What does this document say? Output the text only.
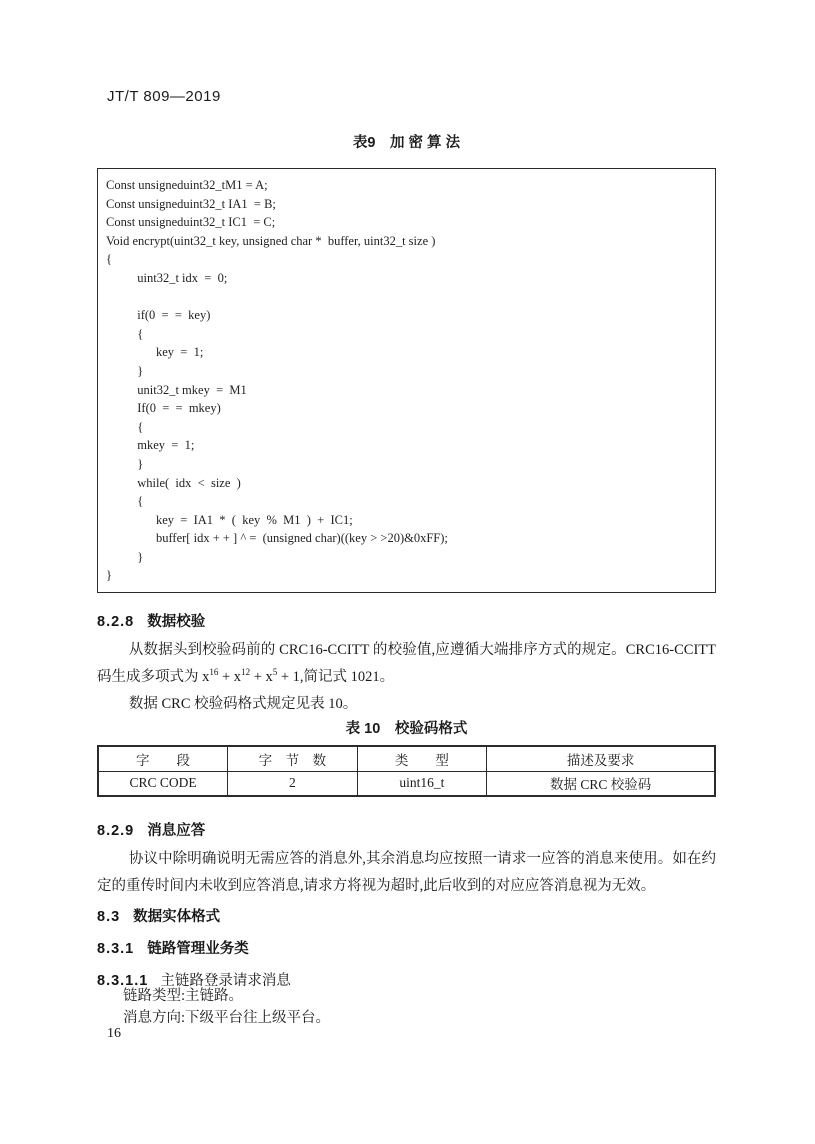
JT/T 809—2019
表9　加 密 算 法
Const unsigneduint32_tM1 = A;
Const unsigneduint32_t IA1  = B;
Const unsigneduint32_t IC1  = C;
Void encrypt(uint32_t key, unsigned char *  buffer, uint32_t size )
{
uint32_t idx  =  0;
if(0  =  =  key)
{
key  =  1;
}
unit32_t mkey  =  M1
If(0  =  =  mkey)
{
mkey  =  1;
}
while(  idx  <  size  )
{
key  =  IA1  *  (  key  %  M1  )  +  IC1;
buffer[ idx + + ] ^ =  (unsigned char)((key > >20)&0xFF);
}
}
8.2.8 数据校验

从数据头到校验码前的 CRC16-CCITT 的校验值,应遵循大端排序方式的规定。CRC16-CCITT 码生成多项式为 $x^{16} + x^{12} + x^5 + 1$,简记式 1021。

数据 CRC 校验码格式规定见表 10。

表 10　校验码格式
字　　段	字　节　数	类　　型	描述及要求
CRC CODE	2	uint16_t	数据 CRC 校验码
8.2.9 消息应答

协议中除明确说明无需应答的消息外,其余消息均应按照一请求一应答的消息来使用。如在约定的重传时间内未收到应答消息,请求方将视为超时,此后收到的对应应答消息视为无效。

8.3 数据实体格式
8.3.1 链路管理业务类
8.3.1.1 主链路登录请求消息
链路类型:主链路。
消息方向:下级平台往上级平台。
16
